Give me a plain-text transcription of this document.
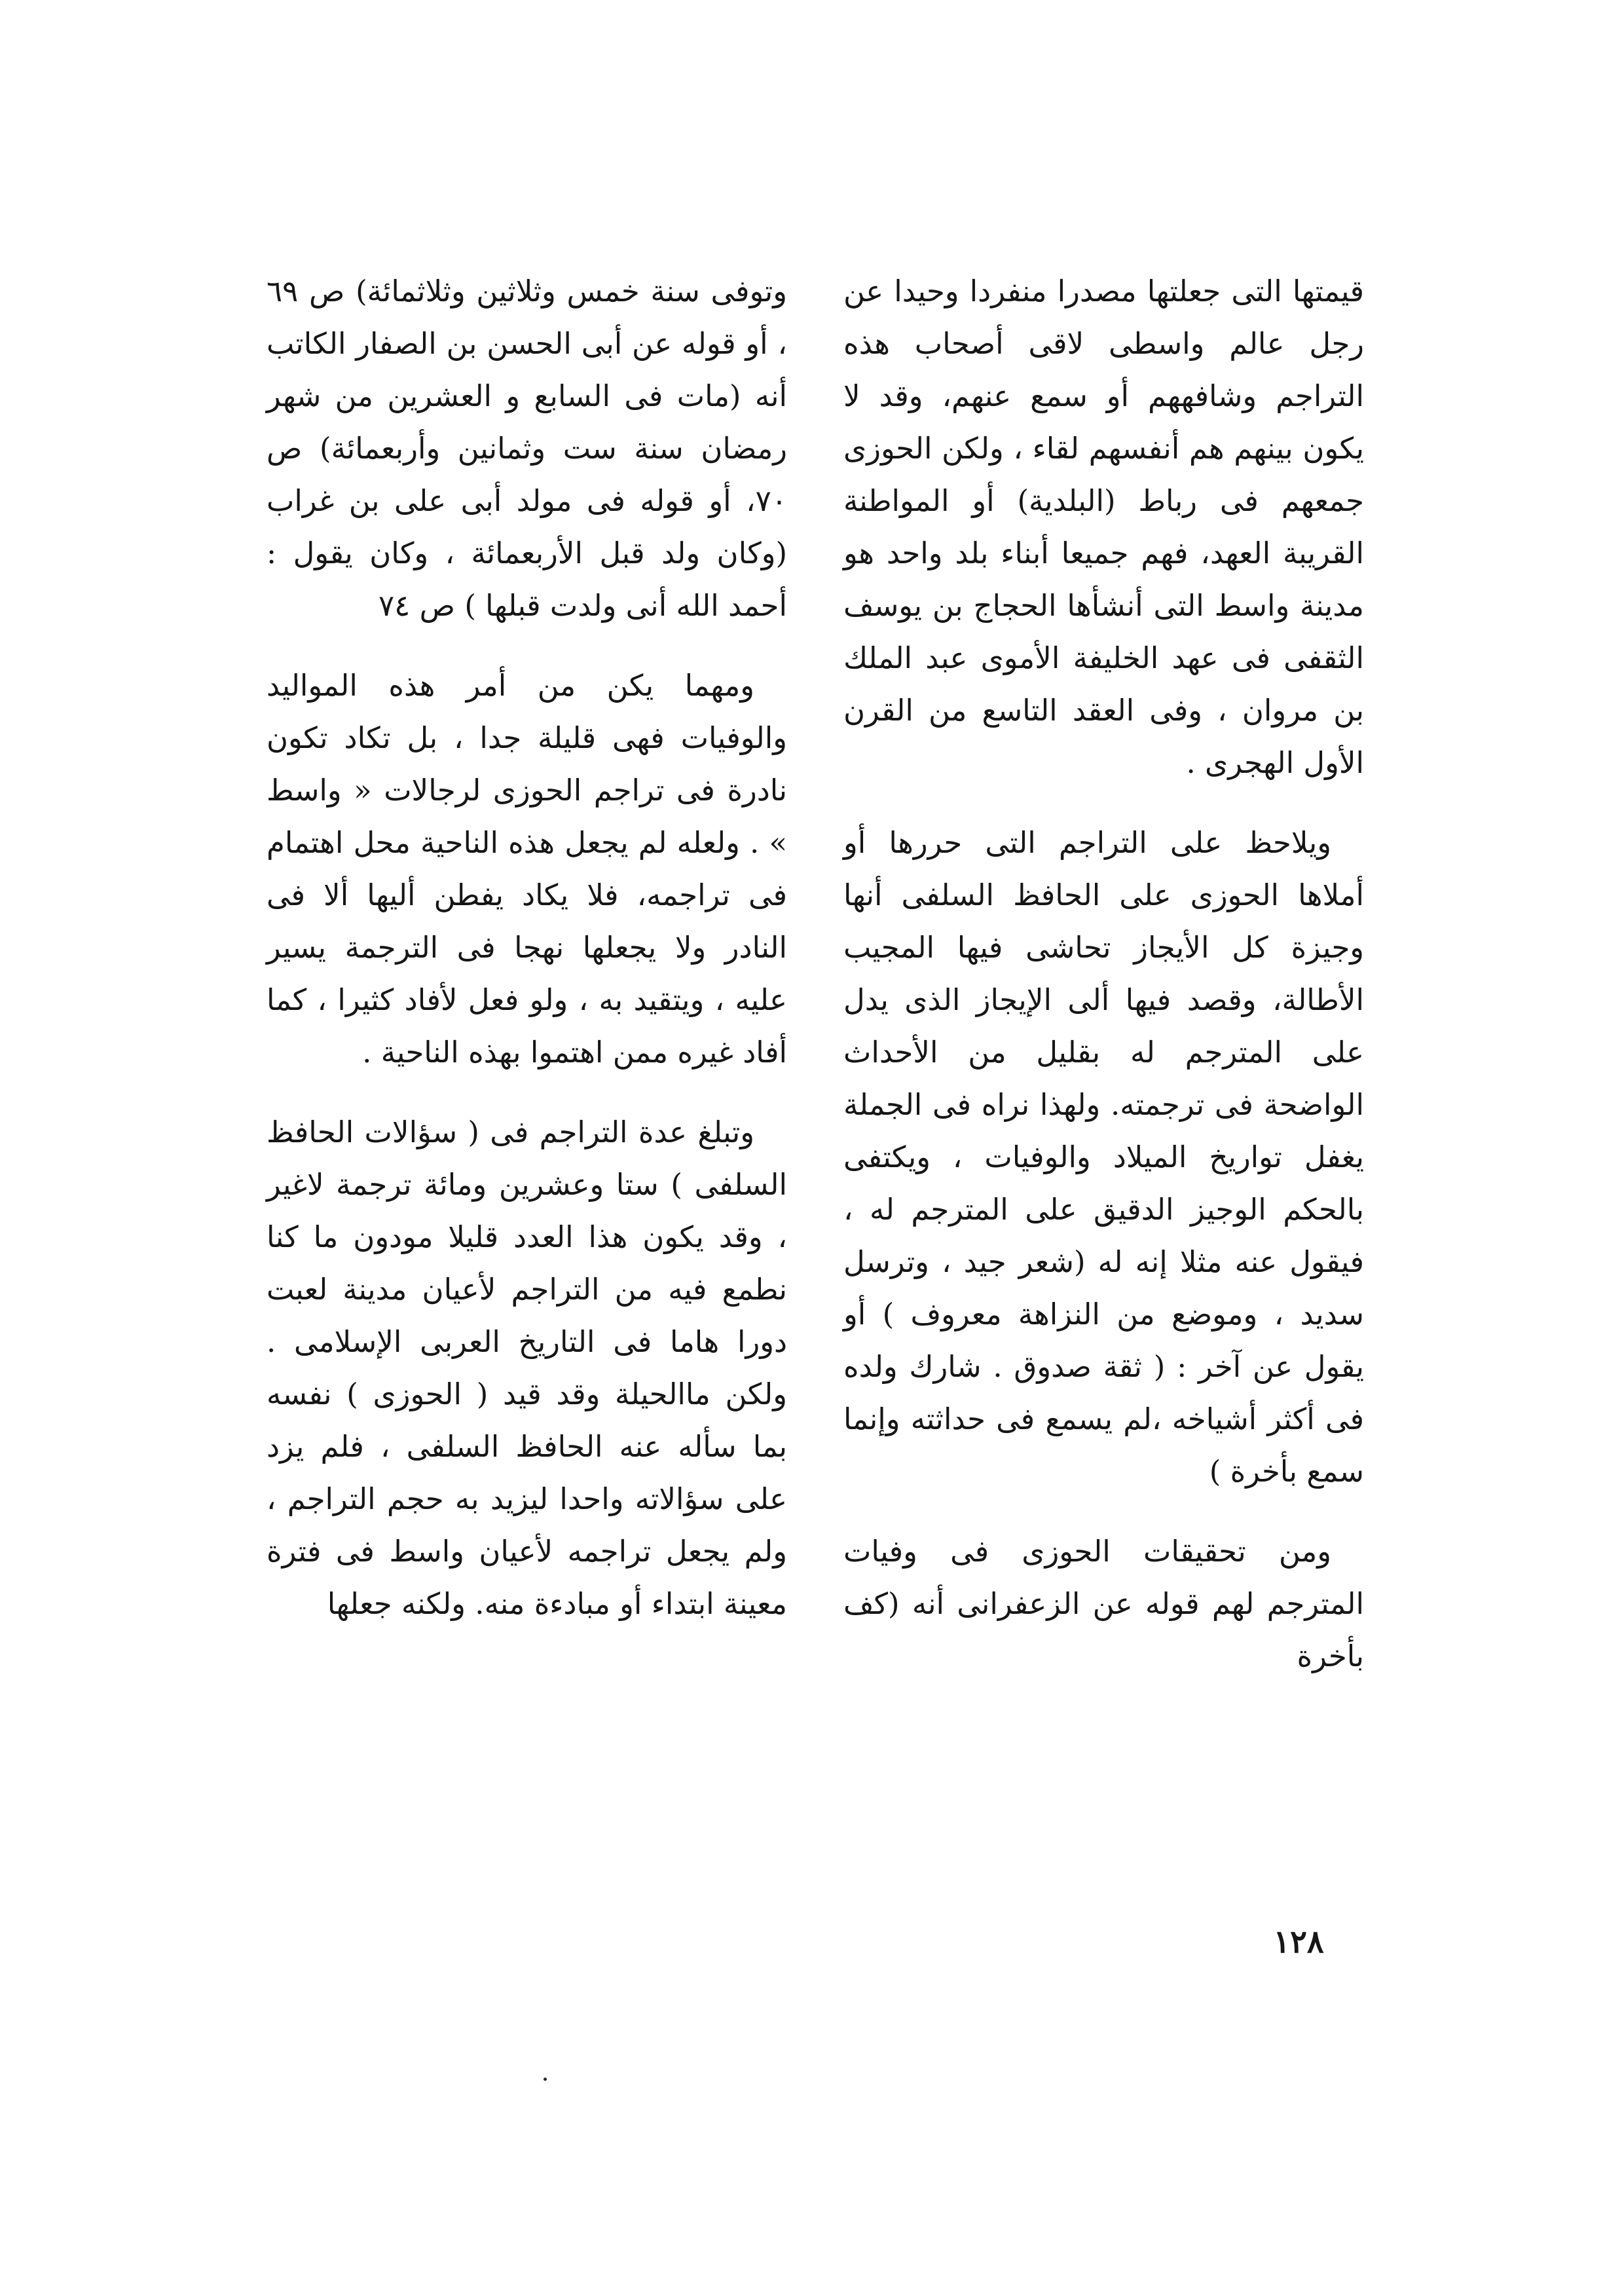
قيمتها التى جعلتها مصدرا منفردا وحيدا عن رجل عالم واسطى لاقى أصحاب هذه التراجم وشافههم أو سمع عنهم، وقد لا يكون بينهم هم أنفسهم لقاء ، ولكن الحوزى جمعهم فى رباط (البلدية) أو المواطنة القريبة العهد، فهم جميعا أبناء بلد واحد هو مدينة واسط التى أنشأها الحجاج بن يوسف الثقفى فى عهد الخليفة الأموى عبد الملك بن مروان ، وفى العقد التاسع من القرن الأول الهجرى .

ويلاحظ على التراجم التى حررها أو أملاها الحوزى على الحافظ السلفى أنها وجيزة كل الأيجاز تحاشى فيها المجيب الأطالة، وقصد فيها ألى الإيجاز الذى يدل على المترجم له بقليل من الأحداث الواضحة فى ترجمته. ولهذا نراه فى الجملة يغفل تواريخ الميلاد والوفيات ، ويكتفى بالحكم الوجيز الدقيق على المترجم له ، فيقول عنه مثلا إنه له (شعر جيد ، وترسل سديد ، وموضع من النزاهة معروف ) أو يقول عن آخر : ( ثقة صدوق . شارك ولده فى أكثر أشياخه ،لم يسمع فى حداثته وإنما سمع بأخرة )

ومن تحقيقات الحوزى فى وفيات المترجم لهم قوله عن الزعفرانى أنه (كف بأخرة

وتوفى سنة خمس وثلاثين وثلاثمائة) ص ٦٩ ، أو قوله عن أبى الحسن بن الصفار الكاتب أنه (مات فى السابع و العشرين من شهر رمضان سنة ست وثمانين وأربعمائة) ص ٧٠، أو قوله فى مولد أبى على بن غراب (وكان ولد قبل الأربعمائة ، وكان يقول : أحمد الله أنى ولدت قبلها ) ص ٧٤

ومهما يكن من أمر هذه المواليد والوفيات فهى قليلة جدا ، بل تكاد تكون نادرة فى تراجم الحوزى لرجالات « واسط » . ولعله لم يجعل هذه الناحية محل اهتمام فى تراجمه، فلا يكاد يفطن أليها ألا فى النادر ولا يجعلها نهجا فى الترجمة يسير عليه ، ويتقيد به ، ولو فعل لأفاد كثيرا ، كما أفاد غيره ممن اهتموا بهذه الناحية .

وتبلغ عدة التراجم فى ( سؤالات الحافظ السلفى ) ستا وعشرين ومائة ترجمة لاغير ، وقد يكون هذا العدد قليلا مودون ما كنا نطمع فيه من التراجم لأعيان مدينة لعبت دورا هاما فى التاريخ العربى الإسلامى . ولكن ماالحيلة وقد قيد ( الحوزى ) نفسه بما سأله عنه الحافظ السلفى ، فلم يزد على سؤالاته واحدا ليزيد به حجم التراجم ، ولم يجعل تراجمه لأعيان واسط فى فترة معينة ابتداء أو مبادءة منه. ولكنه جعلها

١٢٨
